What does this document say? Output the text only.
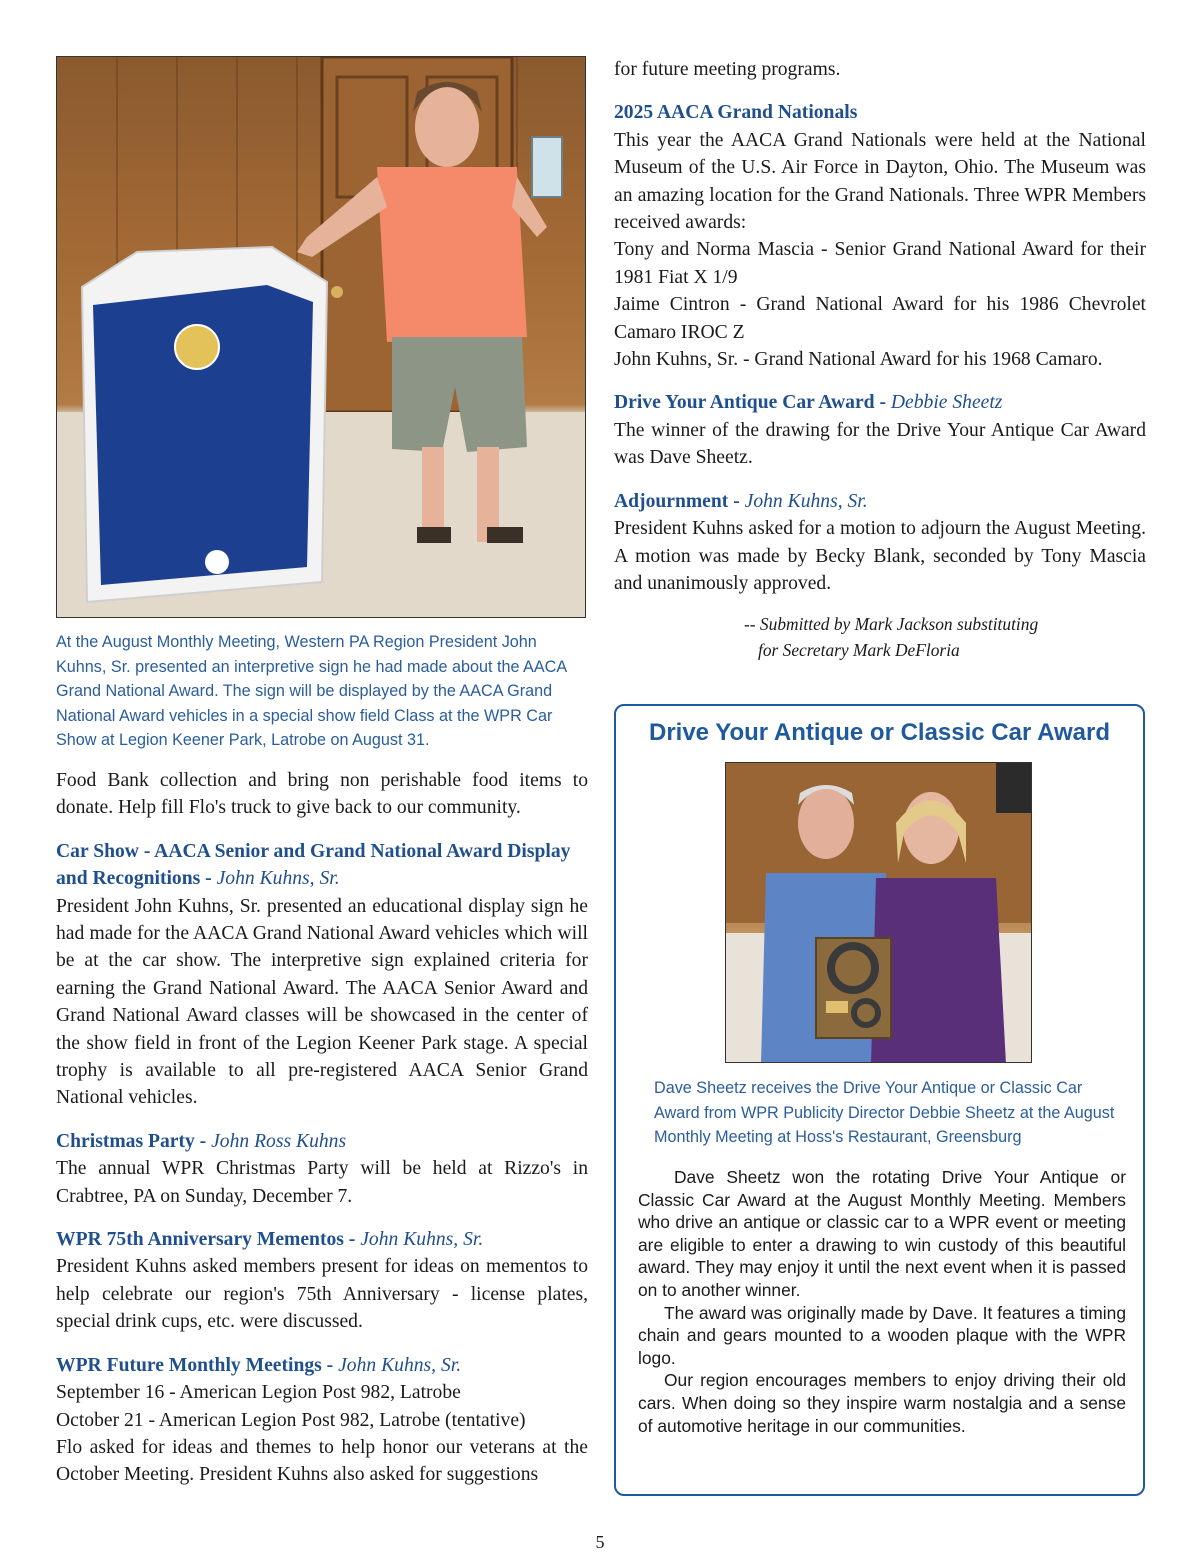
At the August Monthly Meeting, Western PA Region President John Kuhns, Sr. presented an interpretive sign he had made about the AACA Grand National Award. The sign will be displayed by the AACA Grand National Award vehicles in a special show field Class at the WPR Car Show at Legion Keener Park, Latrobe on August 31.

Food Bank collection and bring non perishable food items to donate. Help fill Flo's truck to give back to our community.

Car Show - AACA Senior and Grand National Award Display and Recognitions - John Kuhns, Sr.

President John Kuhns, Sr. presented an educational display sign he had made for the AACA Grand National Award vehicles which will be at the car show. The interpretive sign explained criteria for earning the Grand National Award. The AACA Senior Award and Grand National Award classes will be showcased in the center of the show field in front of the Legion Keener Park stage. A special trophy is available to all pre-registered AACA Senior Grand National vehicles.

Christmas Party - John Ross Kuhns

The annual WPR Christmas Party will be held at Rizzo's in Crabtree, PA on Sunday, December 7.

WPR 75th Anniversary Mementos - John Kuhns, Sr.

President Kuhns asked members present for ideas on mementos to help celebrate our region's 75th Anniversary - license plates, special drink cups, etc. were discussed.

WPR Future Monthly Meetings - John Kuhns, Sr.

September 16 - American Legion Post 982, Latrobe

October 21 - American Legion Post 982, Latrobe (tentative)

Flo asked for ideas and themes to help honor our veterans at the October Meeting. President Kuhns also asked for suggestions

for future meeting programs.

2025 AACA Grand Nationals

This year the AACA Grand Nationals were held at the National Museum of the U.S. Air Force in Dayton, Ohio. The Museum was an amazing location for the Grand Nationals. Three WPR Members received awards:

Tony and Norma Mascia - Senior Grand National Award for their 1981 Fiat X 1/9

Jaime Cintron - Grand National Award for his 1986 Chevrolet Camaro IROC Z

John Kuhns, Sr. - Grand National Award for his 1968 Camaro.

Drive Your Antique Car Award - Debbie Sheetz

The winner of the drawing for the Drive Your Antique Car Award was Dave Sheetz.

Adjournment - John Kuhns, Sr.

President Kuhns asked for a motion to adjourn the August Meeting. A motion was made by Becky Blank, seconded by Tony Mascia and unanimously approved.

-- Submitted by Mark Jackson substituting
for Secretary Mark DeFloria
Drive Your Antique or Classic Car Award
Dave Sheetz receives the Drive Your Antique or Classic Car Award from WPR Publicity Director Debbie Sheetz at the August Monthly Meeting at Hoss's Restaurant, Greensburg

Dave Sheetz won the rotating Drive Your Antique or Classic Car Award at the August Monthly Meeting. Members who drive an antique or classic car to a WPR event or meeting are eligible to enter a drawing to win custody of this beautiful award. They may enjoy it until the next event when it is passed on to another winner.

The award was originally made by Dave. It features a timing chain and gears mounted to a wooden plaque with the WPR logo.

Our region encourages members to enjoy driving their old cars. When doing so they inspire warm nostalgia and a sense of automotive heritage in our communities.

5
